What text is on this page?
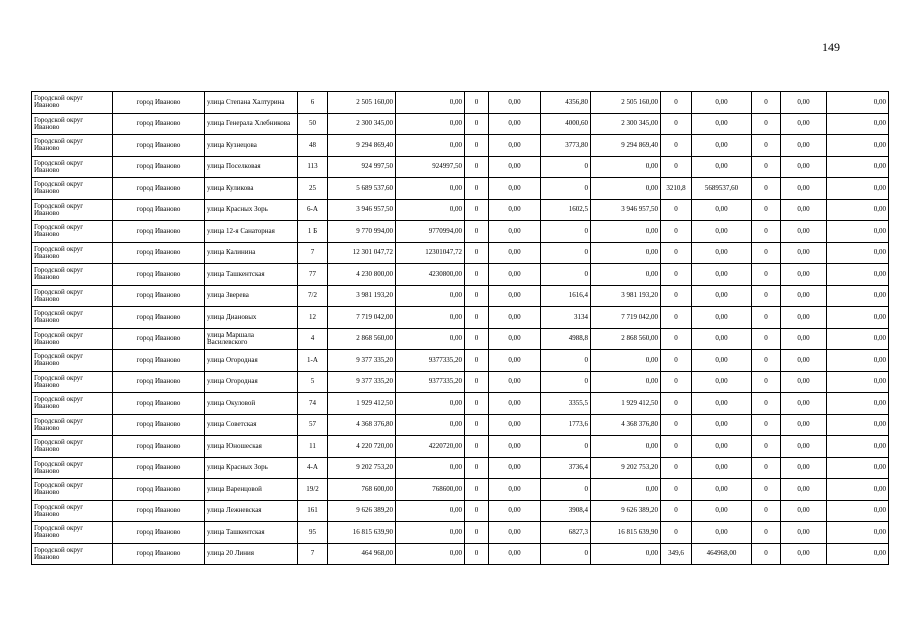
149
Городской округ Иваново	город Иваново	улица Степана Халтурина	6	2 505 160,00	0,00	0	0,00	4356,80	2 505 160,00	0	0,00	0	0,00	0,00
Городской округ Иваново	город Иваново	улица Генерала Хлебникова	50	2 300 345,00	0,00	0	0,00	4000,60	2 300 345,00	0	0,00	0	0,00	0,00
Городской округ Иваново	город Иваново	улица Кузнецова	48	9 294 869,40	0,00	0	0,00	3773,80	9 294 869,40	0	0,00	0	0,00	0,00
Городской округ Иваново	город Иваново	улица Поселковая	113	924 997,50	924997,50	0	0,00	0	0,00	0	0,00	0	0,00	0,00
Городской округ Иваново	город Иваново	улица Куликова	25	5 689 537,60	0,00	0	0,00	0	0,00	3210,8	5689537,60	0	0,00	0,00
Городской округ Иваново	город Иваново	улица Красных Зорь	6-А	3 946 957,50	0,00	0	0,00	1602,5	3 946 957,50	0	0,00	0	0,00	0,00
Городской округ Иваново	город Иваново	улица 12-я Санаторная	1 Б	9 770 994,00	9770994,00	0	0,00	0	0,00	0	0,00	0	0,00	0,00
Городской округ Иваново	город Иваново	улица Калинина	7	12 301 047,72	12301047,72	0	0,00	0	0,00	0	0,00	0	0,00	0,00
Городской округ Иваново	город Иваново	улица Ташкентская	77	4 230 800,00	4230800,00	0	0,00	0	0,00	0	0,00	0	0,00	0,00
Городской округ Иваново	город Иваново	улица Зверева	7/2	3 981 193,20	0,00	0	0,00	1616,4	3 981 193,20	0	0,00	0	0,00	0,00
Городской округ Иваново	город Иваново	улица Диановых	12	7 719 042,00	0,00	0	0,00	3134	7 719 042,00	0	0,00	0	0,00	0,00
Городской округ Иваново	город Иваново	улица Маршала Василевского	4	2 868 560,00	0,00	0	0,00	4988,8	2 868 560,00	0	0,00	0	0,00	0,00
Городской округ Иваново	город Иваново	улица Огородная	1-А	9 377 335,20	9377335,20	0	0,00	0	0,00	0	0,00	0	0,00	0,00
Городской округ Иваново	город Иваново	улица Огородная	5	9 377 335,20	9377335,20	0	0,00	0	0,00	0	0,00	0	0,00	0,00
Городской округ Иваново	город Иваново	улица Окуловой	74	1 929 412,50	0,00	0	0,00	3355,5	1 929 412,50	0	0,00	0	0,00	0,00
Городской округ Иваново	город Иваново	улица Советская	57	4 368 376,80	0,00	0	0,00	1773,6	4 368 376,80	0	0,00	0	0,00	0,00
Городской округ Иваново	город Иваново	улица Юношеская	11	4 220 720,00	4220720,00	0	0,00	0	0,00	0	0,00	0	0,00	0,00
Городской округ Иваново	город Иваново	улица Красных Зорь	4-А	9 202 753,20	0,00	0	0,00	3736,4	9 202 753,20	0	0,00	0	0,00	0,00
Городской округ Иваново	город Иваново	улица Варенцовой	19/2	768 600,00	768600,00	0	0,00	0	0,00	0	0,00	0	0,00	0,00
Городской округ Иваново	город Иваново	улица Лежневская	161	9 626 389,20	0,00	0	0,00	3908,4	9 626 389,20	0	0,00	0	0,00	0,00
Городской округ Иваново	город Иваново	улица Ташкентская	95	16 815 639,90	0,00	0	0,00	6827,3	16 815 639,90	0	0,00	0	0,00	0,00
Городской округ Иваново	город Иваново	улица 20 Линия	7	464 968,00	0,00	0	0,00	0	0,00	349,6	464968,00	0	0,00	0,00
